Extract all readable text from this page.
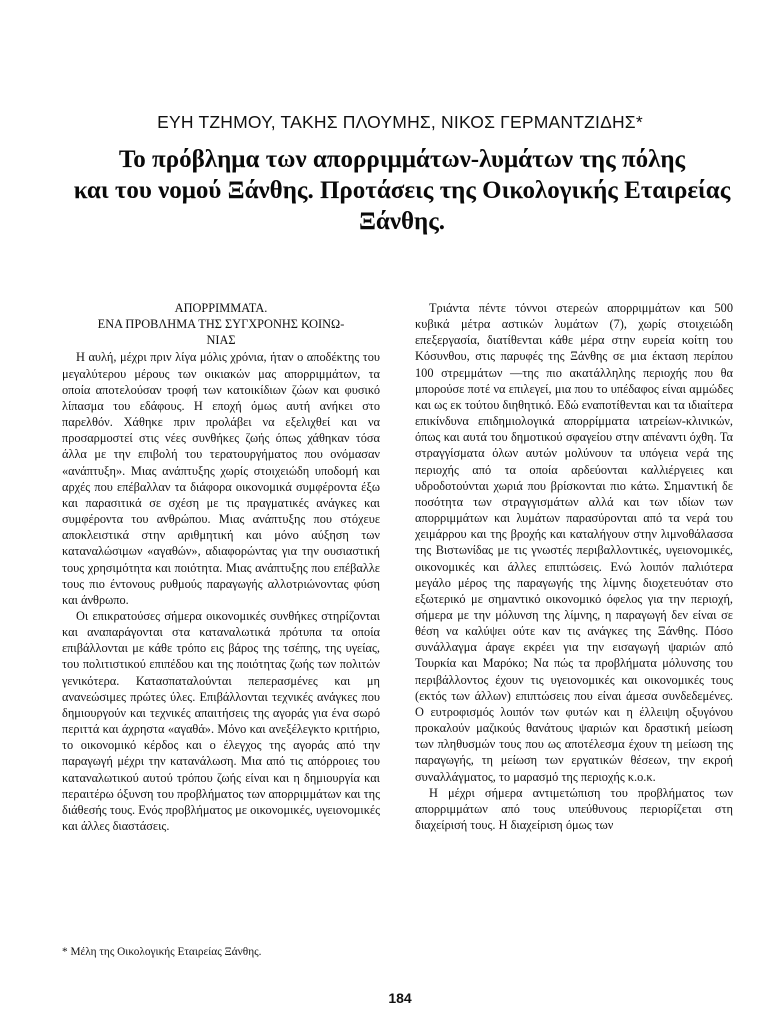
ΕΥΗ ΤΖΗΜΟΥ, ΤΑΚΗΣ ΠΛΟΥΜΗΣ, ΝΙΚΟΣ ΓΕΡΜΑΝΤΖΙΔΗΣ*
Το πρόβλημα των απορριμμάτων-λυμάτων της πόλης
και του νομού Ξάνθης. Προτάσεις της Οικολογικής Εταιρείας
Ξάνθης.
ΑΠΟΡΡΙΜΜΑΤΑ.
ΕΝΑ ΠΡΟΒΛΗΜΑ ΤΗΣ ΣΥΓΧΡΟΝΗΣ ΚΟΙΝΩ-
ΝΙΑΣ

Η αυλή, μέχρι πριν λίγα μόλις χρόνια, ήταν ο αποδέκτης του μεγαλύτερου μέρους των οικιακών μας απορριμμάτων, τα οποία αποτελούσαν τροφή των κατοικίδιων ζώων και φυσικό λίπασμα του εδάφους. Η εποχή όμως αυτή ανήκει στο παρελθόν. Χάθηκε πριν προλάβει να εξελιχθεί και να προσαρμοστεί στις νέες συνθήκες ζωής όπως χάθηκαν τόσα άλλα με την επιβολή του τερατουργήματος που ονόμασαν «ανάπτυξη». Μιας ανάπτυξης χωρίς στοιχειώδη υποδομή και αρχές που επέβαλλαν τα διάφορα οικονομικά συμφέροντα έξω και παρασιτικά σε σχέση με τις πραγματικές ανάγκες και συμφέροντα του ανθρώπου. Μιας ανάπτυξης που στόχευε αποκλειστικά στην αριθμητική και μόνο αύξηση των καταναλώσιμων «αγαθών», αδιαφορώντας για την ουσιαστική τους χρησιμότητα και ποιότητα. Μιας ανάπτυξης που επέβαλλε τους πιο έντονους ρυθμούς παραγωγής αλλοτριώνοντας φύση και άνθρωπο.

Οι επικρατούσες σήμερα οικονομικές συνθήκες στηρίζονται και αναπαράγονται στα καταναλωτικά πρότυπα τα οποία επιβάλλονται με κάθε τρόπο εις βάρος της τσέπης, της υγείας, του πολιτιστικού επιπέδου και της ποιότητας ζωής των πολιτών γενικότερα. Κατασπαταλούνται πεπερασμένες και μη ανανεώσιμες πρώτες ύλες. Επιβάλλονται τεχνικές ανάγκες που δημιουργούν και τεχνικές απαιτήσεις της αγοράς για ένα σωρό περιττά και άχρηστα «αγαθά». Μόνο και ανεξέλεγκτο κριτήριο, το οικονομικό κέρδος και ο έλεγχος της αγοράς από την παραγωγή μέχρι την κατανάλωση. Μια από τις απόρροιες του καταναλωτικού αυτού τρόπου ζωής είναι και η δημιουργία και περαιτέρω όξυνση του προβλήματος των απορριμμάτων και της διάθεσής τους. Ενός προβλήματος με οικονομικές, υγειονομικές και άλλες διαστάσεις.

Τριάντα πέντε τόννοι στερεών απορριμμάτων και 500 κυβικά μέτρα αστικών λυμάτων (7), χωρίς στοιχειώδη επεξεργασία, διατίθενται κάθε μέρα στην ευρεία κοίτη του Κόσυνθου, στις παρυφές της Ξάνθης σε μια έκταση περίπου 100 στρεμμάτων —της πιο ακατάλληλης περιοχής που θα μπορούσε ποτέ να επιλεγεί, μια που το υπέδαφος είναι αμμώδες και ως εκ τούτου διηθητικό. Εδώ εναποτίθενται και τα ιδιαίτερα επικίνδυνα επιδημιολογικά απορρίμματα ιατρείων-κλινικών, όπως και αυτά του δημοτικού σφαγείου στην απέναντι όχθη. Τα στραγγίσματα όλων αυτών μολύνουν τα υπόγεια νερά της περιοχής από τα οποία αρδεύονται καλλιέργειες και υδροδοτούνται χωριά που βρίσκονται πιο κάτω. Σημαντική δε ποσότητα των στραγγισμάτων αλλά και των ιδίων των απορριμμάτων και λυμάτων παρασύρονται από τα νερά του χειμάρρου και της βροχής και καταλήγουν στην λιμνοθάλασσα της Βιστωνίδας με τις γνωστές περιβαλλοντικές, υγειονομικές, οικονομικές και άλλες επιπτώσεις. Ενώ λοιπόν παλιότερα μεγάλο μέρος της παραγωγής της λίμνης διοχετευόταν στο εξωτερικό με σημαντικό οικονομικό όφελος για την περιοχή, σήμερα με την μόλυνση της λίμνης, η παραγωγή δεν είναι σε θέση να καλύψει ούτε καν τις ανάγκες της Ξάνθης. Πόσο συνάλλαγμα άραγε εκρέει για την εισαγωγή ψαριών από Τουρκία και Μαρόκο; Να πώς τα προβλήματα μόλυνσης του περιβάλλοντος έχουν τις υγειονομικές και οικονομικές τους (εκτός των άλλων) επιπτώσεις που είναι άμεσα συνδεδεμένες. Ο ευτροφισμός λοιπόν των φυτών και η έλλειψη οξυγόνου προκαλούν μαζικούς θανάτους ψαριών και δραστική μείωση των πληθυσμών τους που ως αποτέλεσμα έχουν τη μείωση της παραγωγής, τη μείωση των εργατικών θέσεων, την εκροή συναλλάγματος, το μαρασμό της περιοχής κ.ο.κ.

Η μέχρι σήμερα αντιμετώπιση του προβλήματος των απορριμμάτων από τους υπεύθυνους περιορίζεται στη διαχείρισή τους. Η διαχείριση όμως των

* Μέλη της Οικολογικής Εταιρείας Ξάνθης.
184
